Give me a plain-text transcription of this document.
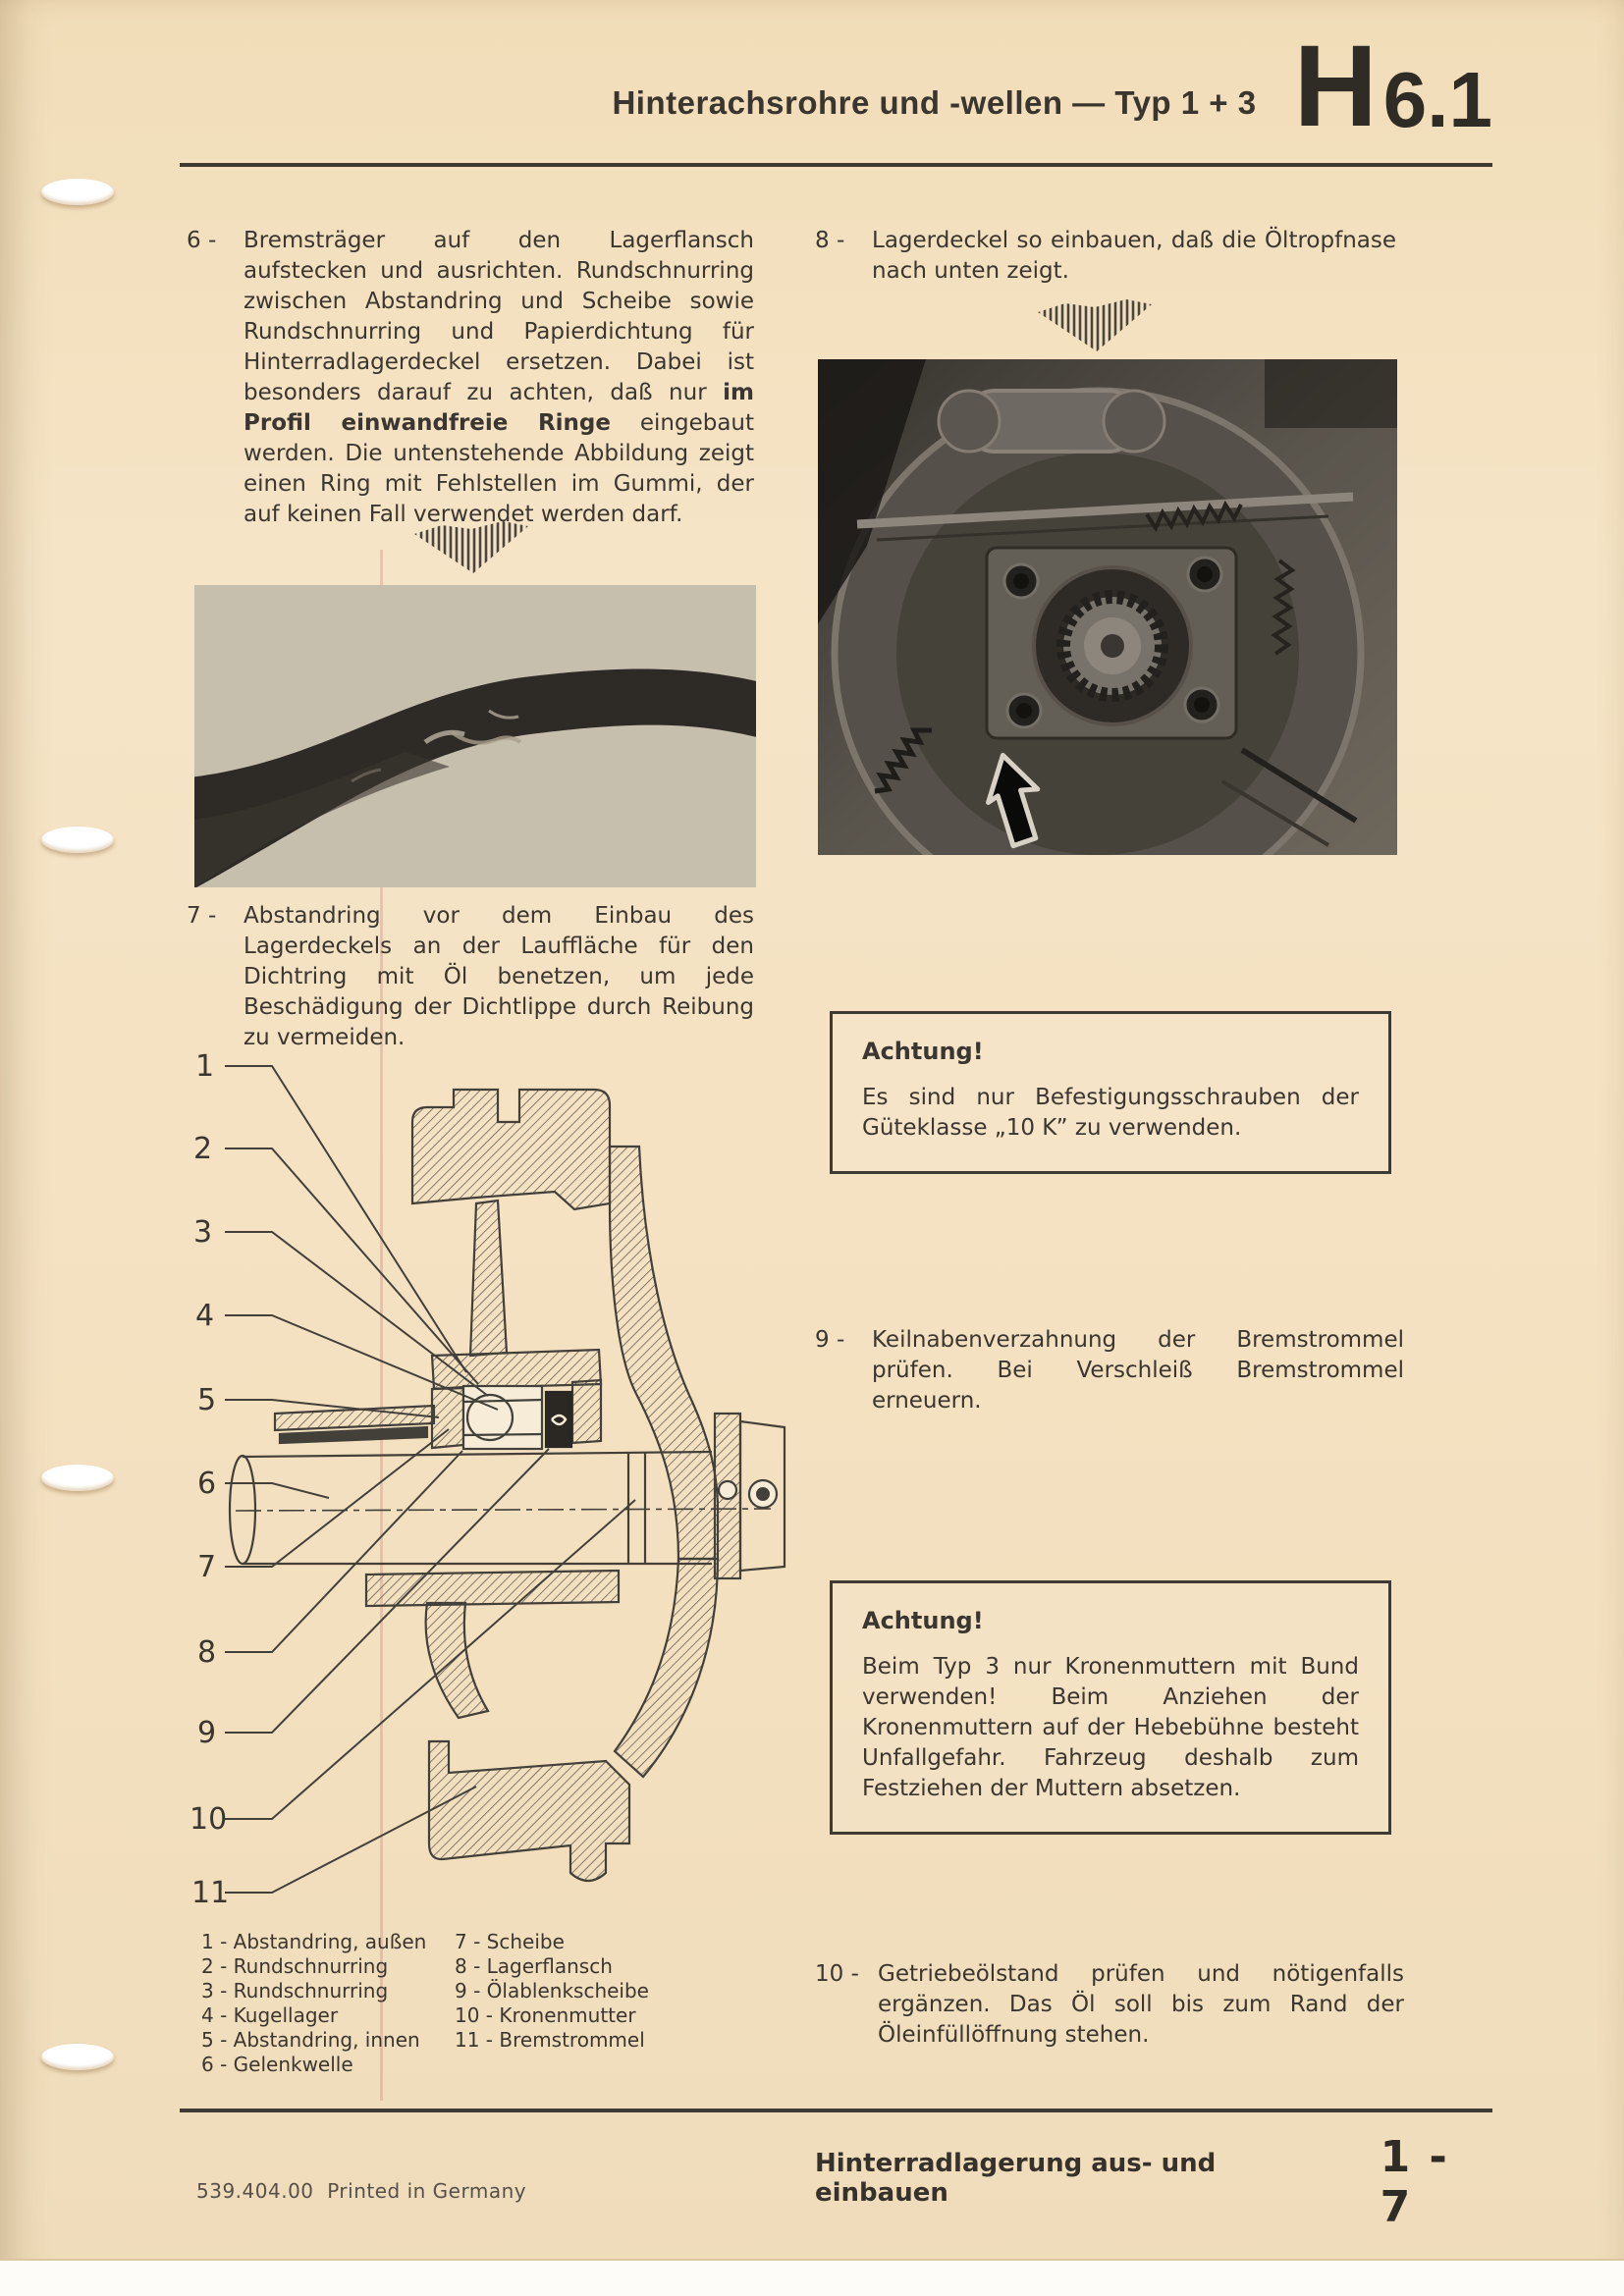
Hinterachsrohre und -wellen — Typ 1 + 3 H 6.1
6 -	Bremsträger auf den Lagerflansch aufstecken und ausrichten. Rundschnurring zwischen Abstandring und Scheibe sowie Rundschnurring und Papierdichtung für Hinterradlagerdeckel ersetzen. Dabei ist besonders darauf zu achten, daß nur im Profil einwandfreie Ringe eingebaut werden. Die untenstehende Abbildung zeigt einen Ring mit Fehlstellen im Gummi, der auf keinen Fall verwendet werden darf.
7 -	Abstandring vor dem Einbau des Lagerdeckels an der Lauffläche für den Dichtring mit Öl benetzen, um jede Beschädigung der Dichtlippe durch Reibung zu vermeiden.
1
2
3
4
5
6
7
8
9
10
11
1 - Abstandring, außen
2 - Rundschnurring
3 - Rundschnurring
4 - Kugellager
5 - Abstandring, innen
6 - Gelenkwelle
7 - Scheibe
8 - Lagerflansch
9 - Ölablenkscheibe
10 - Kronenmutter
11 - Bremstrommel
8 -	Lagerdeckel so einbauen, daß die Öltropfnase nach unten zeigt.
Achtung!
Es sind nur Befestigungsschrauben der Güteklasse „10 K” zu verwenden.
9 -	Keilnabenverzahnung der Bremstrommel prüfen. Bei Verschleiß Bremstrommel erneuern.
Achtung!
Beim Typ 3 nur Kronenmuttern mit Bund verwenden! Beim Anziehen der Kronenmuttern auf der Hebebühne besteht Unfallgefahr. Fahrzeug deshalb zum Festziehen der Muttern absetzen.
10 - Getriebeölstand prüfen und nötigenfalls ergänzen. Das Öl soll bis zum Rand der Öleinfüllöffnung stehen.
Hinterradlagerung aus- und einbauen
1 - 7
539.404.00  Printed in Germany
